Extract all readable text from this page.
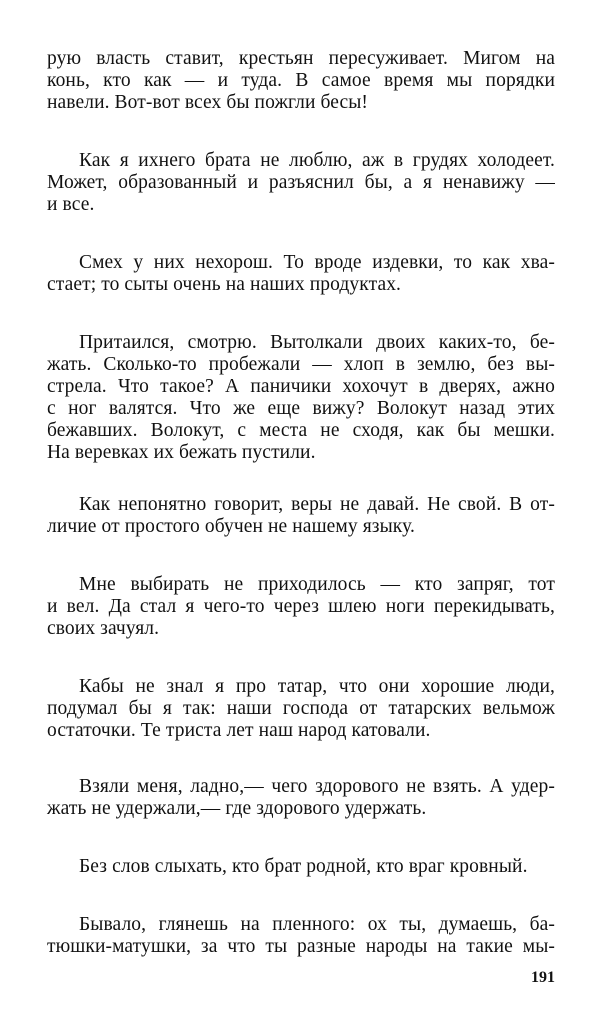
рую власть ставит, крестьян пересуживает. Мигом на
конь, кто как — и туда. В самое время мы порядки
навели. Вот-вот всех бы пожгли бесы!
Как я ихнего брата не люблю, аж в грудях холодеет.
Может, образованный и разъяснил бы, а я ненавижу —
и все.
Смех у них нехорош. То вроде издевки, то как хва-
стает; то сыты очень на наших продуктах.
Притаился, смотрю. Вытолкали двоих каких-то, бе-
жать. Сколько-то пробежали — хлоп в землю, без вы-
стрела. Что такое? А паничики хохочут в дверях, ажно
с ног валятся. Что же еще вижу? Волокут назад этих
бежавших. Волокут, с места не сходя, как бы мешки.
На веревках их бежать пустили.
Как непонятно говорит, веры не давай. Не свой. В от-
личие от простого обучен не нашему языку.
Мне выбирать не приходилось — кто запряг, тот
и вел. Да стал я чего-то через шлею ноги перекидывать,
своих зачуял.
Кабы не знал я про татар, что они хорошие люди,
подумал бы я так: наши господа от татарских вельмож
остаточки. Те триста лет наш народ катовали.
Взяли меня, ладно,— чего здорового не взять. А удер-
жать не удержали,— где здорового удержать.
Без слов слыхать, кто брат родной, кто враг кровный.
Бывало, глянешь на пленного: ох ты, думаешь, ба-
тюшки-матушки, за что ты разные народы на такие мы-
191
